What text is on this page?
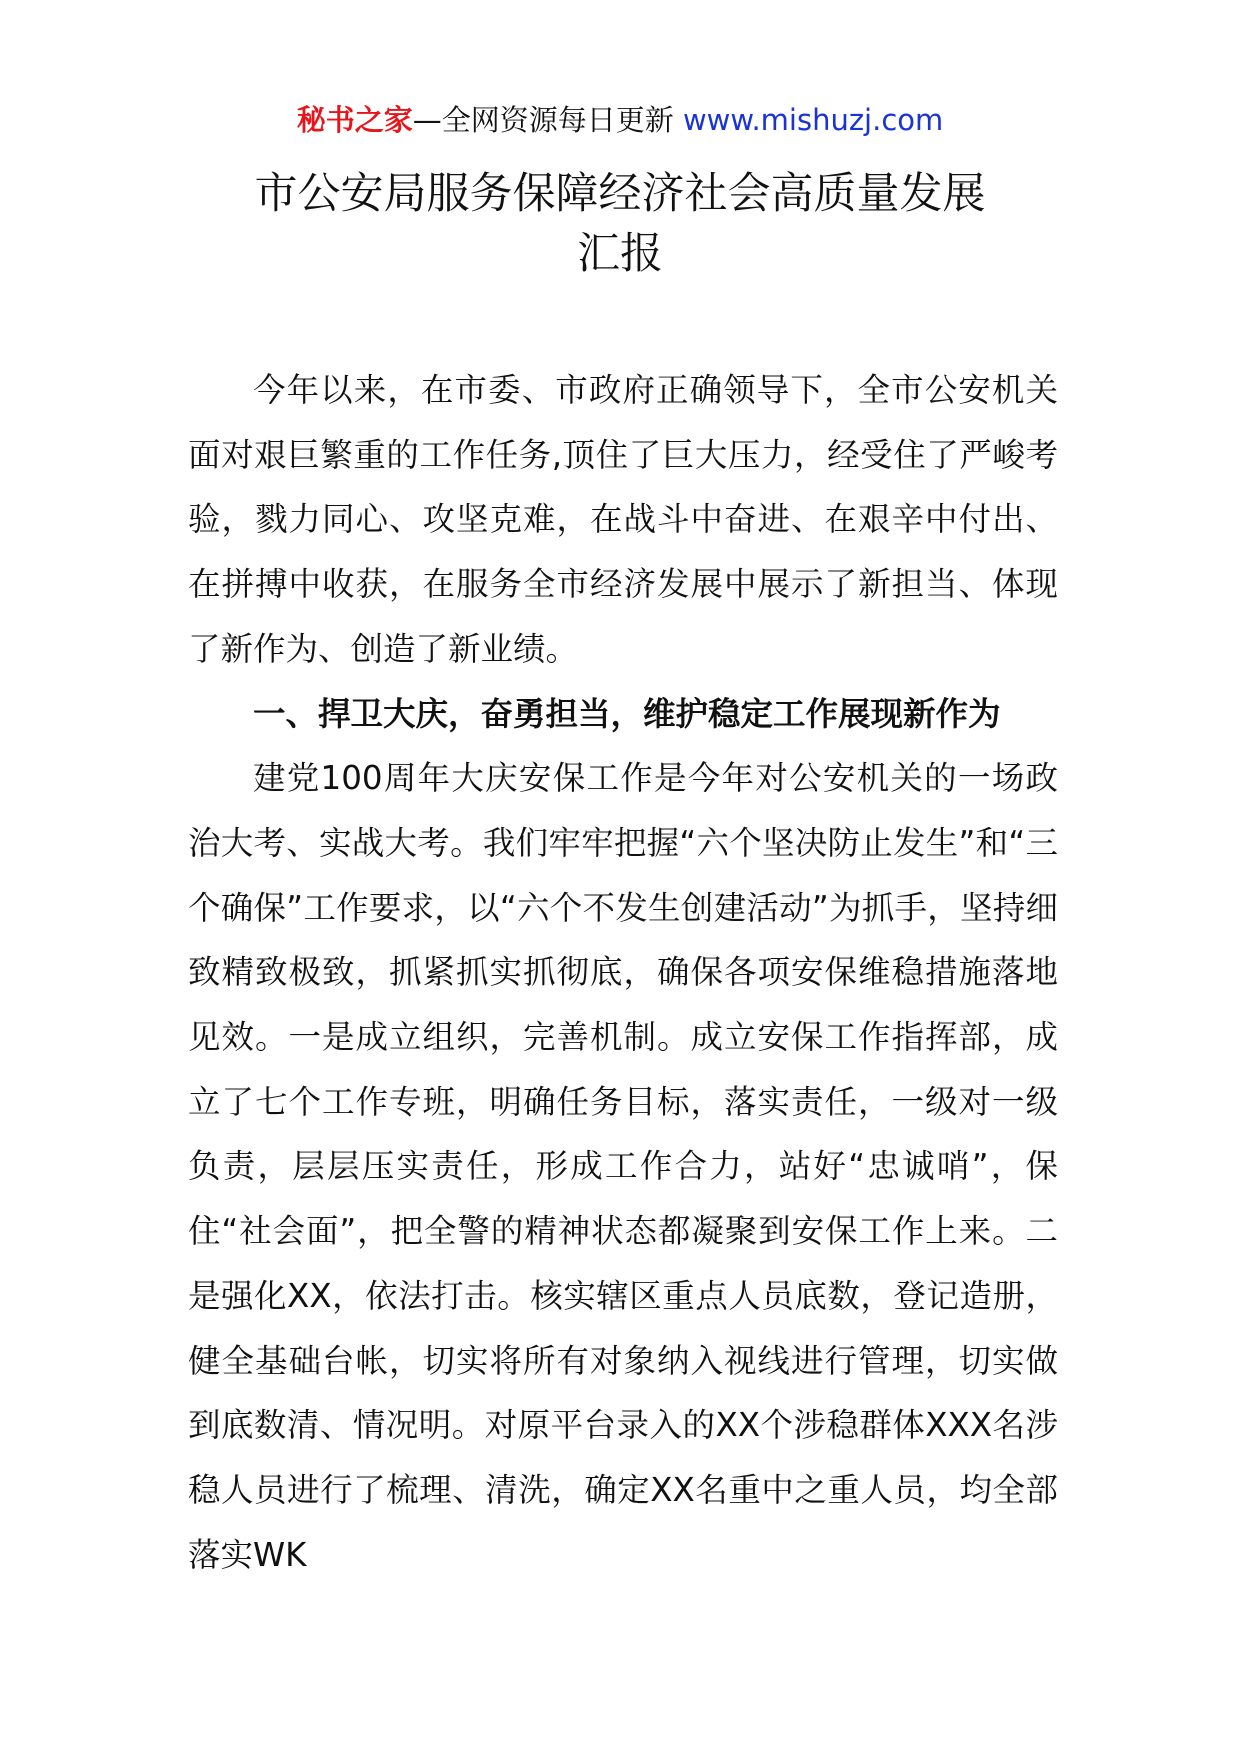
秘书之家—全网资源每日更新 www.mishuzj.com
市公安局服务保障经济社会高质量发展
汇报

今年以来，在市委、市政府正确领导下，全市公安机关面对艰巨繁重的工作任务,顶住了巨大压力，经受住了严峻考验，戮力同心、攻坚克难，在战斗中奋进、在艰辛中付出、在拼搏中收获，在服务全市经济发展中展示了新担当、体现了新作为、创造了新业绩。

一、捍卫大庆，奋勇担当，维护稳定工作展现新作为

建党100周年大庆安保工作是今年对公安机关的一场政治大考、实战大考。我们牢牢把握“六个坚决防止发生”和“三个确保”工作要求，以“六个不发生创建活动”为抓手，坚持细致精致极致，抓紧抓实抓彻底，确保各项安保维稳措施落地见效。一是成立组织，完善机制。成立安保工作指挥部，成立了七个工作专班，明确任务目标，落实责任，一级对一级负责，层层压实责任，形成工作合力，站好“忠诚哨”，保住“社会面”，把全警的精神状态都凝聚到安保工作上来。二是强化XX，依法打击。核实辖区重点人员底数，登记造册，健全基础台帐，切实将所有对象纳入视线进行管理，切实做到底数清、情况明。对原平台录入的XX个涉稳群体XXX名涉稳人员进行了梳理、清洗，确定XX名重中之重人员，均全部落实WK
